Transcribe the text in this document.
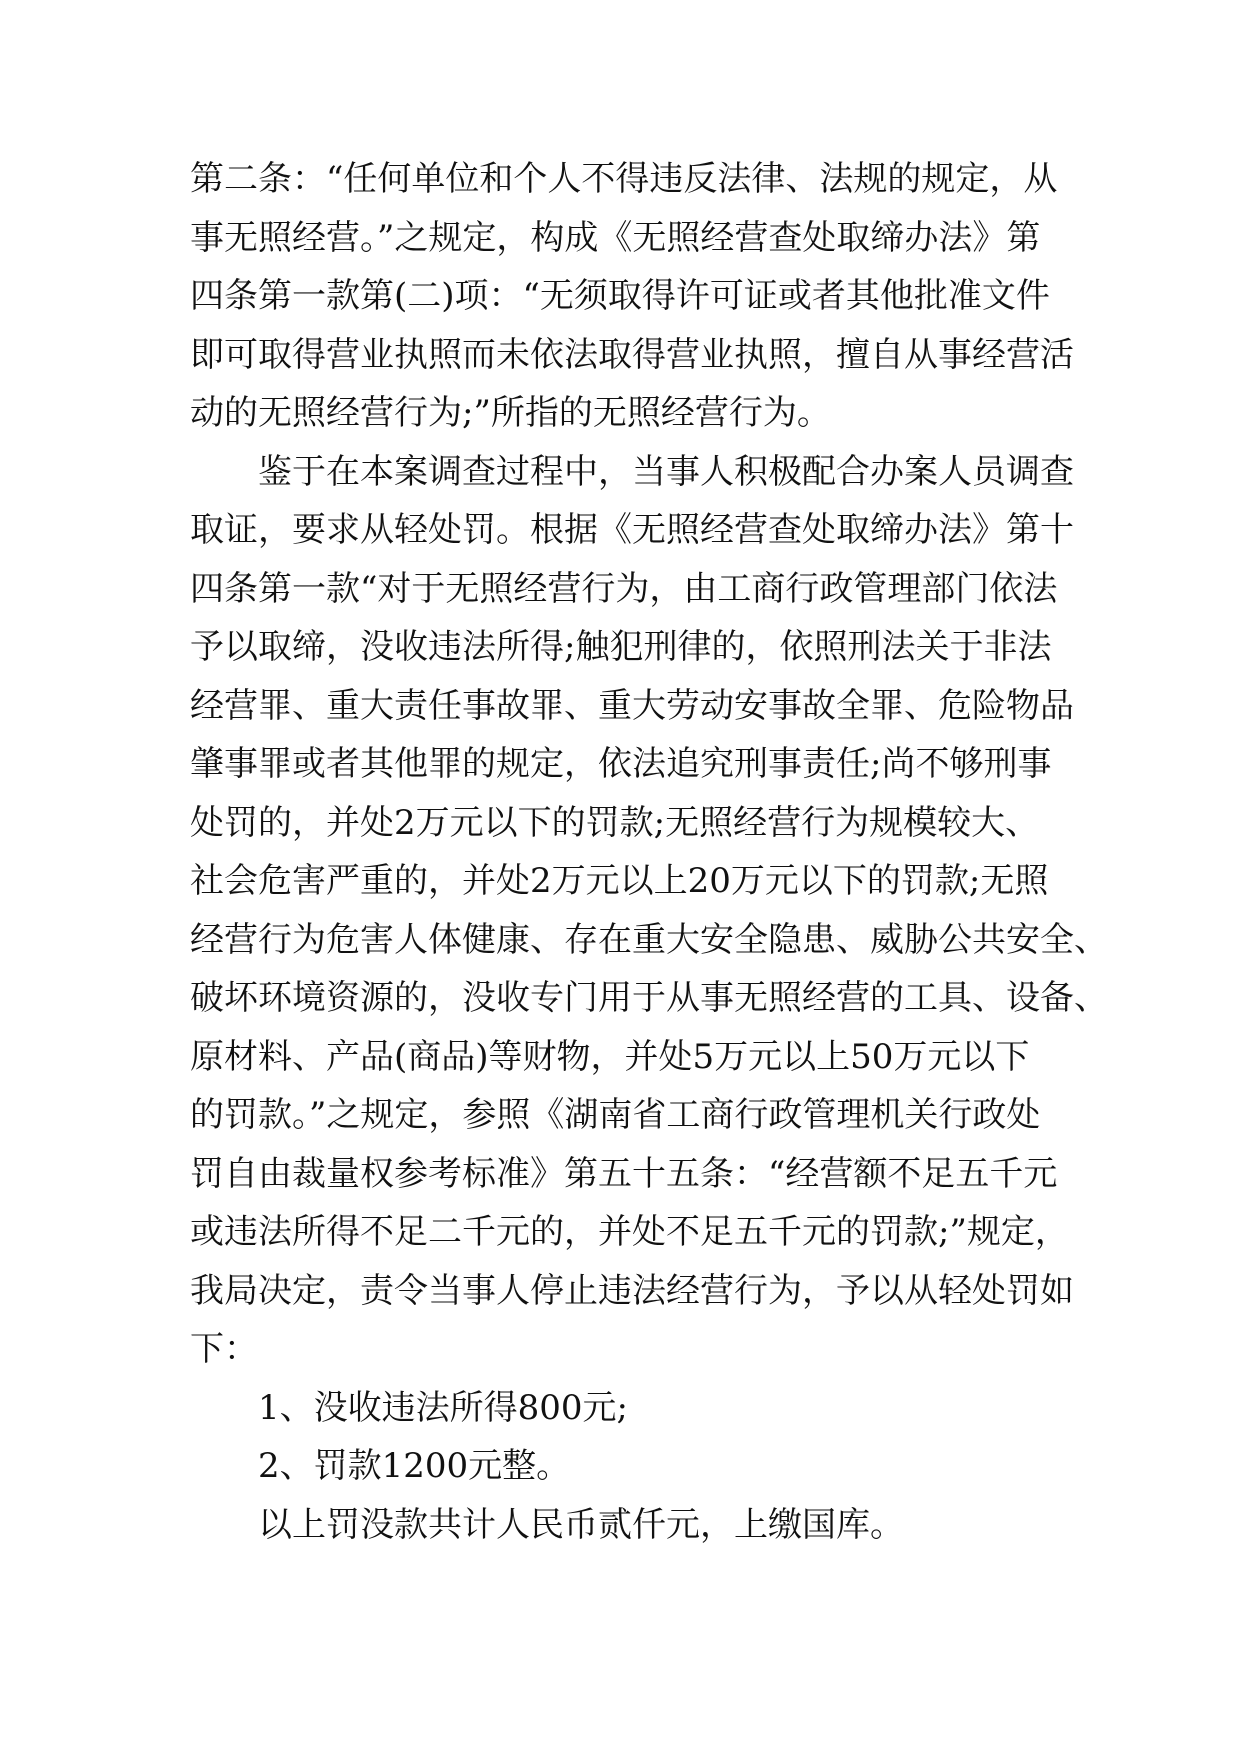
第二条：“任何单位和个人不得违反法律、法规的规定，从
事无照经营。”之规定，构成《无照经营查处取缔办法》第
四条第一款第(二)项：“无须取得许可证或者其他批准文件
即可取得营业执照而未依法取得营业执照，擅自从事经营活
动的无照经营行为;”所指的无照经营行为。
鉴于在本案调查过程中，当事人积极配合办案人员调查
取证，要求从轻处罚。根据《无照经营查处取缔办法》第十
四条第一款“对于无照经营行为，由工商行政管理部门依法
予以取缔，没收违法所得;触犯刑律的，依照刑法关于非法
经营罪、重大责任事故罪、重大劳动安事故全罪、危险物品
肇事罪或者其他罪的规定，依法追究刑事责任;尚不够刑事
处罚的，并处2万元以下的罚款;无照经营行为规模较大、
社会危害严重的，并处2万元以上20万元以下的罚款;无照
经营行为危害人体健康、存在重大安全隐患、威胁公共安全、
破坏环境资源的，没收专门用于从事无照经营的工具、设备、
原材料、产品(商品)等财物，并处5万元以上50万元以下
的罚款。”之规定，参照《湖南省工商行政管理机关行政处
罚自由裁量权参考标准》第五十五条：“经营额不足五千元
或违法所得不足二千元的，并处不足五千元的罚款;”规定，
我局决定，责令当事人停止违法经营行为，予以从轻处罚如
下：
1、没收违法所得800元;
2、罚款1200元整。
以上罚没款共计人民币贰仟元，上缴国库。
